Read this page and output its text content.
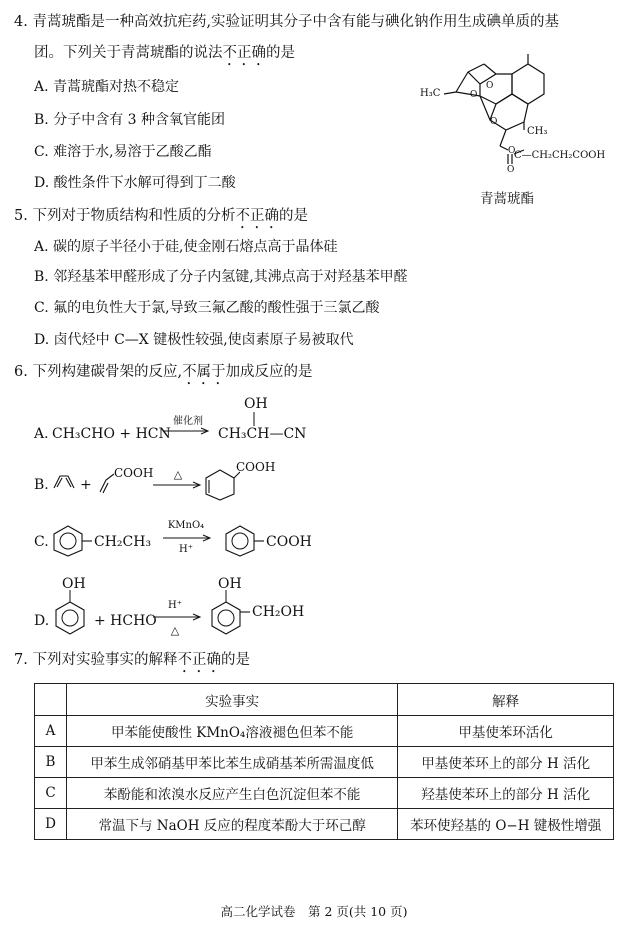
4. 青蒿琥酯是一种高效抗疟药,实验证明其分子中含有能与碘化钠作用生成碘单质的基
团。下列关于青蒿琥酯的说法不正确的是
A. 青蒿琥酯对热不稳定
B. 分子中含有 3 种含氧官能团
C. 难溶于水,易溶于乙酸乙酯
D. 酸性条件下水解可得到丁二酸
O
O
O
O
O
H₃C
CH₃
C—CH₂CH₂COOH
青蒿琥酯
5. 下列对于物质结构和性质的分析不正确的是
A. 碳的原子半径小于硅,使金刚石熔点高于晶体硅
B. 邻羟基苯甲醛形成了分子内氢键,其沸点高于对羟基苯甲醛
C. 氟的电负性大于氯,导致三氟乙酸的酸性强于三氯乙酸
D. 卤代烃中 C—X 键极性较强,使卤素原子易被取代
6. 下列构建碳骨架的反应,不属于加成反应的是
A. CH₃CHO + HCN
催化剂
OH
CH₃CH—CN
B. +
COOH	△
COOH
C.	CH₂CH₃
KMnO₄
H⁺	COOH
OH
D.	+ HCHO
H⁺
△
OH
CH₂OH
7. 下列对实验事实的解释不正确的是
	实验事实	解释
A	甲苯能使酸性 KMnO₄溶液褪色但苯不能	甲基使苯环活化
B	甲苯生成邻硝基甲苯比苯生成硝基苯所需温度低	甲基使苯环上的部分 H 活化
C	苯酚能和浓溴水反应产生白色沉淀但苯不能	羟基使苯环上的部分 H 活化
D	常温下与 NaOH 反应的程度苯酚大于环己醇	苯环使羟基的 O−H 键极性增强
高二化学试卷　第 2 页(共 10 页)
